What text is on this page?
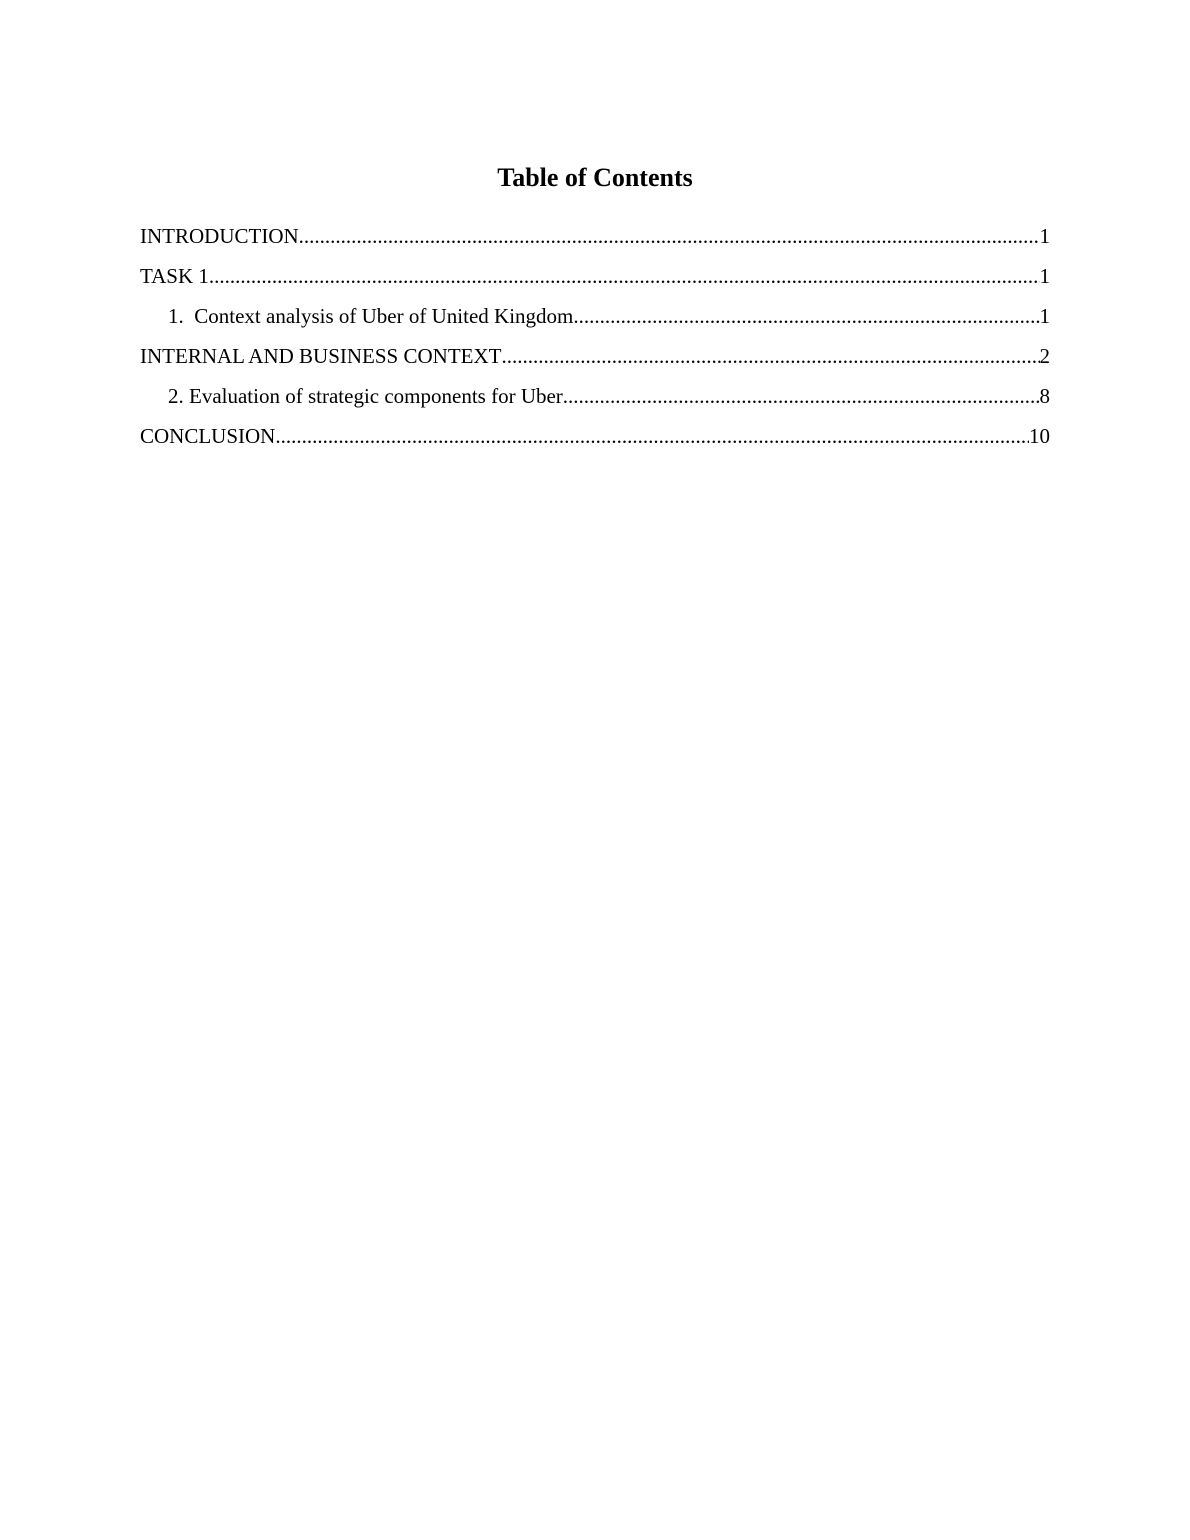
Table of Contents
INTRODUCTION .....	1
TASK 1 .....	1
1.  Context analysis of Uber of United Kingdom .....	1
INTERNAL AND BUSINESS CONTEXT .....	2
2. Evaluation of strategic components for Uber .....	8
CONCLUSION .....	10
